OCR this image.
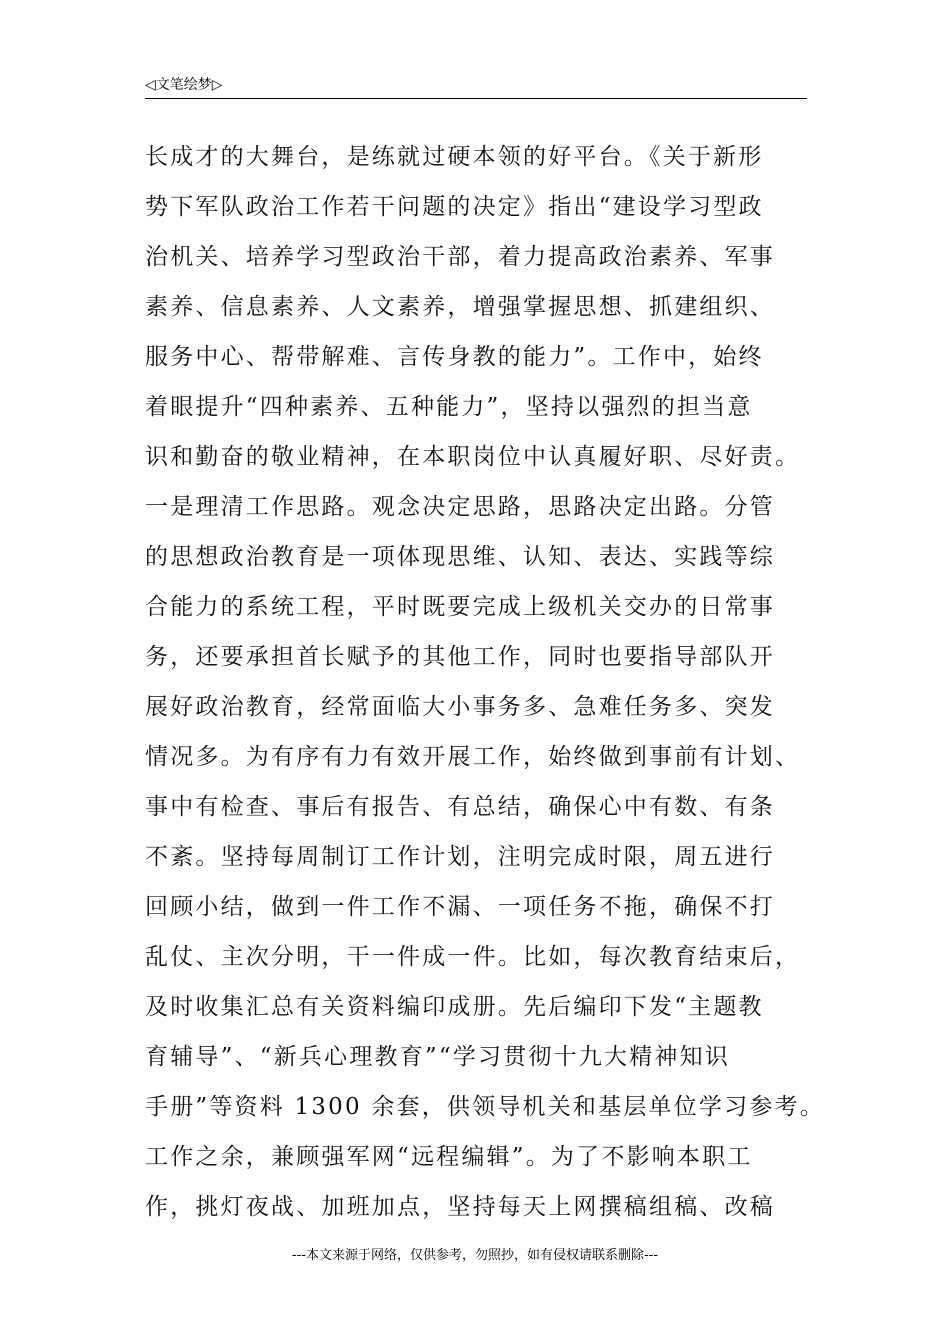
◁文笔绘梦▷
长成才的大舞台，是练就过硬本领的好平台。《关于新形
势下军队政治工作若干问题的决定》指出“建设学习型政
治机关、培养学习型政治干部，着力提高政治素养、军事
素养、信息素养、人文素养，增强掌握思想、抓建组织、
服务中心、帮带解难、言传身教的能力”。工作中，始终
着眼提升“四种素养、五种能力”，坚持以强烈的担当意
识和勤奋的敬业精神，在本职岗位中认真履好职、尽好责。
一是理清工作思路。观念决定思路，思路决定出路。分管
的思想政治教育是一项体现思维、认知、表达、实践等综
合能力的系统工程，平时既要完成上级机关交办的日常事
务，还要承担首长赋予的其他工作，同时也要指导部队开
展好政治教育，经常面临大小事务多、急难任务多、突发
情况多。为有序有力有效开展工作，始终做到事前有计划、
事中有检查、事后有报告、有总结，确保心中有数、有条
不紊。坚持每周制订工作计划，注明完成时限，周五进行
回顾小结，做到一件工作不漏、一项任务不拖，确保不打
乱仗、主次分明，干一件成一件。比如，每次教育结束后，
及时收集汇总有关资料编印成册。先后编印下发“主题教
育辅导”、“新兵心理教育”“学习贯彻十九大精神知识
手册”等资料 1300 余套，供领导机关和基层单位学习参考。
工作之余，兼顾强军网“远程编辑”。为了不影响本职工
作，挑灯夜战、加班加点，坚持每天上网撰稿组稿、改稿
---本文来源于网络，仅供参考，勿照抄，如有侵权请联系删除---
